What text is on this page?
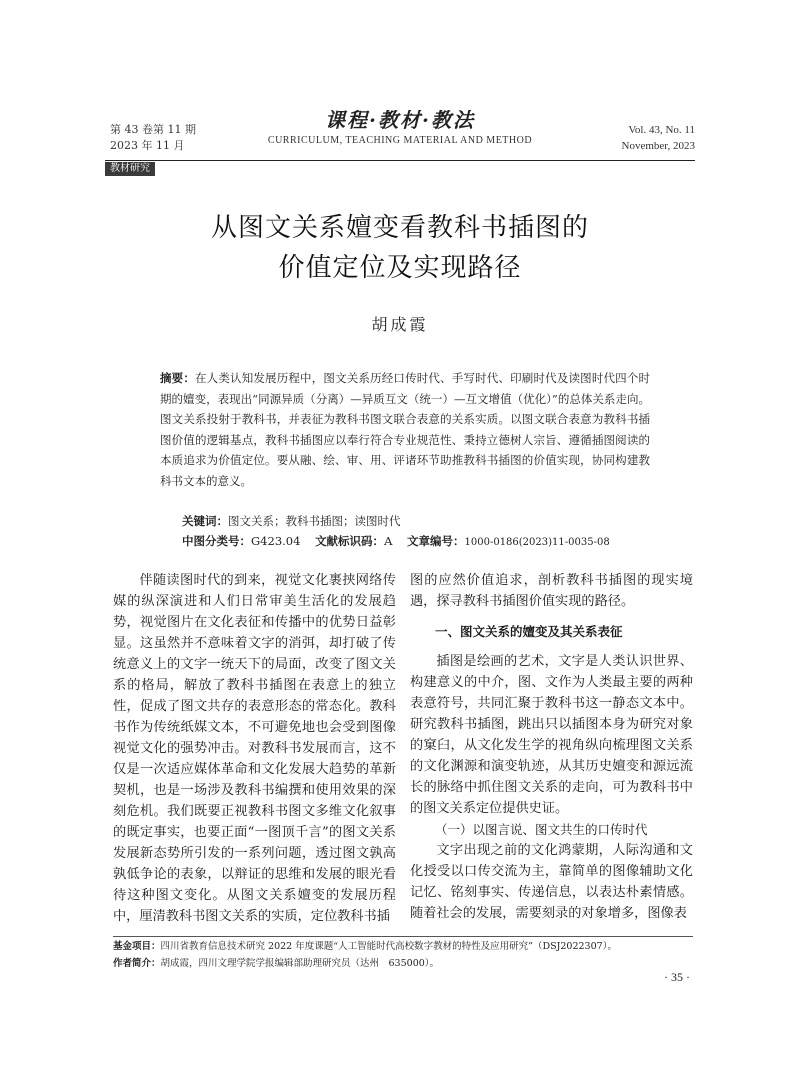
第 43 卷第 11 期
2023 年 11 月
课程·教材·教法
CURRICULUM, TEACHING MATERIAL AND METHOD
Vol. 43, No. 11
November, 2023
教材研究
从图文关系嬗变看教科书插图的
价值定位及实现路径
胡成霞
摘要：在人类认知发展历程中，图文关系历经口传时代、手写时代、印刷时代及读图时代四个时期的嬗变，表现出“同源异质（分离）—异质互文（统一）—互文增值（优化）”的总体关系走向。图文关系投射于教科书，并表征为教科书图文联合表意的关系实质。以图文联合表意为教科书插图价值的逻辑基点，教科书插图应以奉行符合专业规范性、秉持立德树人宗旨、遵循插图阅读的本质追求为价值定位。要从融、绘、审、用、评诸环节助推教科书插图的价值实现，协同构建教科书文本的意义。
关键词：图文关系；教科书插图；读图时代
中图分类号：G423.04 文献标识码：A 文章编号：1000-0186(2023)11-0035-08

伴随读图时代的到来，视觉文化裹挟网络传媒的纵深演进和人们日常审美生活化的发展趋势，视觉图片在文化表征和传播中的优势日益彰显。这虽然并不意味着文字的消弭，却打破了传统意义上的文字一统天下的局面，改变了图文关系的格局，解放了教科书插图在表意上的独立性，促成了图文共存的表意形态的常态化。教科书作为传统纸媒文本，不可避免地也会受到图像视觉文化的强势冲击。对教科书发展而言，这不仅是一次适应媒体革命和文化发展大趋势的革新契机，也是一场涉及教科书编撰和使用效果的深刻危机。我们既要正视教科书图文多维文化叙事的既定事实，也要正面“一图顶千言”的图文关系发展新态势所引发的一系列问题，透过图文孰高孰低争论的表象，以辩证的思维和发展的眼光看待这种图文变化。从图文关系嬗变的发展历程中，厘清教科书图文关系的实质，定位教科书插

图的应然价值追求，剖析教科书插图的现实境遇，探寻教科书插图价值实现的路径。

一、图文关系的嬗变及其关系表征

插图是绘画的艺术，文字是人类认识世界、构建意义的中介，图、文作为人类最主要的两种表意符号，共同汇聚于教科书这一静态文本中。研究教科书插图，跳出只以插图本身为研究对象的窠臼，从文化发生学的视角纵向梳理图文关系的文化渊源和演变轨迹，从其历史嬗变和源远流长的脉络中抓住图文关系的走向，可为教科书中的图文关系定位提供史证。

（一）以图言说、图文共生的口传时代

文字出现之前的文化鸿蒙期，人际沟通和文化授受以口传交流为主，靠简单的图像辅助文化记忆、铭刻事实、传递信息，以表达朴素情感。随着社会的发展，需要刻录的对象增多，图像表

基金项目：四川省教育信息技术研究 2022 年度课题“人工智能时代高校数字教材的特性及应用研究”（DSJ2022307）。
作者简介：胡成霞，四川文理学院学报编辑部助理研究员（达州　635000）。
· 35 ·
